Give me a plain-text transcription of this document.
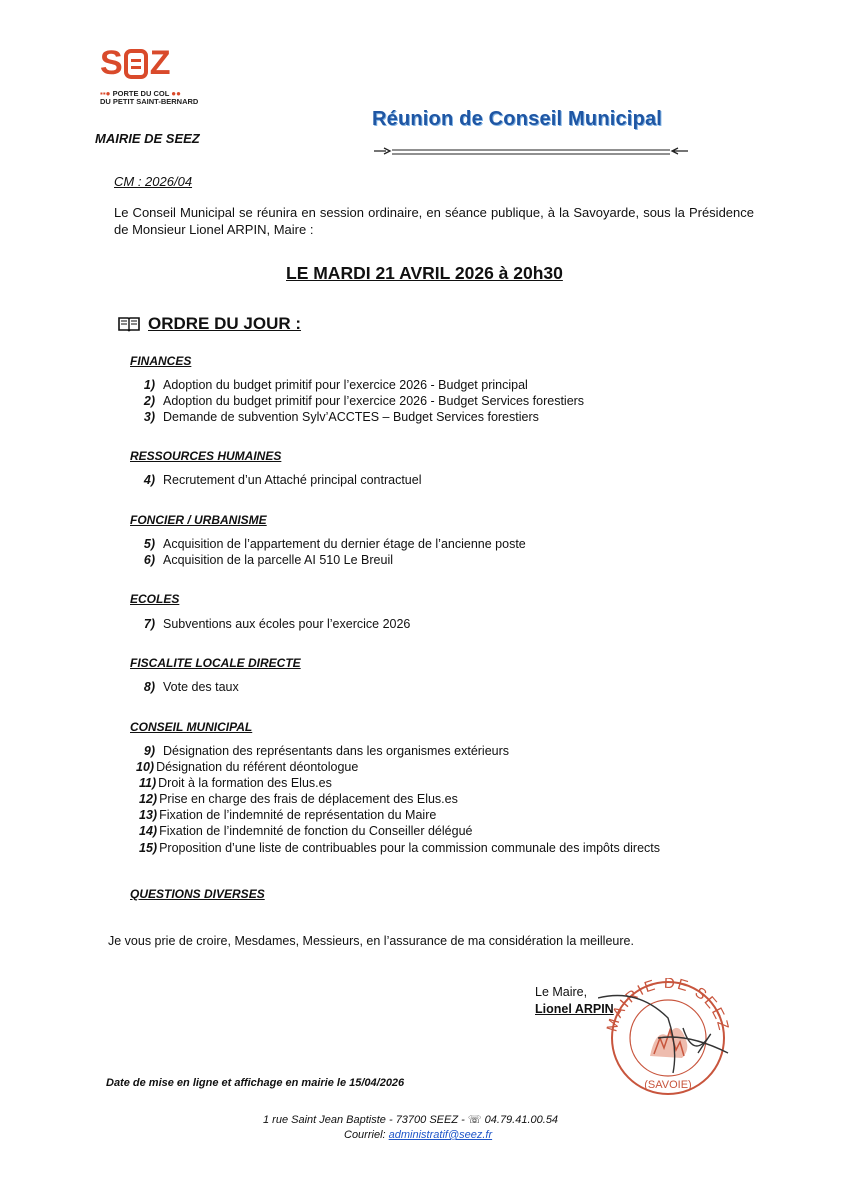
S Z
▪▪● PORTE DU COL ●●
DU PETIT SAINT-BERNARD
MAIRIE DE SEEZ
Réunion de Conseil Municipal
CM : 2026/04
Le Conseil Municipal se réunira en session ordinaire, en séance publique, à la Savoyarde, sous la Présidence de Monsieur Lionel ARPIN, Maire :
LE MARDI 21 AVRIL 2026 à 20h30
ORDRE DU JOUR :
FINANCES
1) Adoption du budget primitif pour l’exercice 2026 - Budget principal
2) Adoption du budget primitif pour l’exercice 2026 - Budget Services forestiers
3) Demande de subvention Sylv’ACCTES – Budget Services forestiers
RESSOURCES HUMAINES
4) Recrutement d’un Attaché principal contractuel
FONCIER / URBANISME
5) Acquisition de l’appartement du dernier étage de l’ancienne poste
6) Acquisition de la parcelle AI 510 Le Breuil
ECOLES
7) Subventions aux écoles pour l’exercice 2026
FISCALITE LOCALE DIRECTE
8) Vote des taux
CONSEIL MUNICIPAL
9) Désignation des représentants dans les organismes extérieurs
10) Désignation du référent déontologue
11) Droit à la formation des Elus.es
12) Prise en charge des frais de déplacement des Elus.es
13) Fixation de l’indemnité de représentation du Maire
14) Fixation de l’indemnité de fonction du Conseiller délégué
15) Proposition d’une liste de contribuables pour la commission communale des impôts directs
QUESTIONS DIVERSES
Je vous prie de croire, Mesdames, Messieurs, en l’assurance de ma considération la meilleure.
MAIRIE DE SEEZ
(SAVOIE)
Le Maire,
Lionel ARPIN
Date de mise en ligne et affichage en mairie le 15/04/2026
1 rue Saint Jean Baptiste - 73700 SEEZ - ☏ 04.79.41.00.54
Courriel: administratif@seez.fr
